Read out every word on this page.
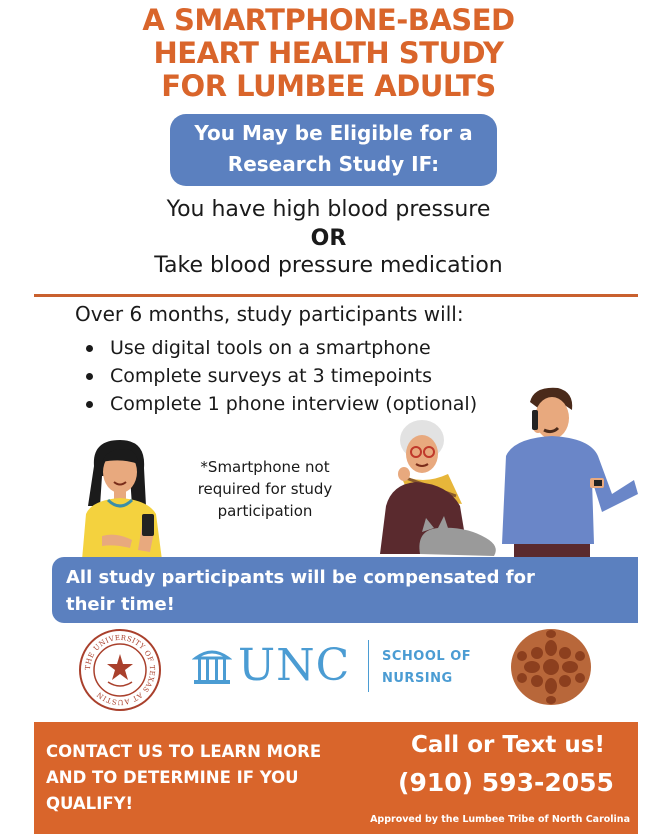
A SMARTPHONE-BASED
HEART HEALTH STUDY
FOR LUMBEE ADULTS
You May be Eligible for a
Research Study IF:
You have high blood pressure
OR
Take blood pressure medication
Over 6 months, study participants will:
Use digital tools on a smartphone
Complete surveys at 3 timepoints
Complete 1 phone interview (optional)
*Smartphone not
required for study
participation
All study participants will be compensated for
their time!
THE UNIVERSITY OF TEXAS AT AUSTIN
UNC SCHOOL OF
NURSING
CONTACT US TO LEARN MORE
AND TO DETERMINE IF YOU
QUALIFY!
Call or Text us!
(910) 593-2055
Approved by the Lumbee Tribe of North Carolina
